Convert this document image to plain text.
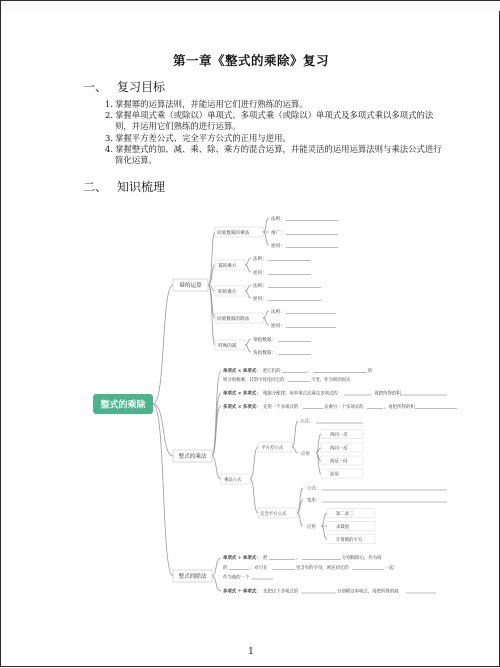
第一章《整式的乘除》复习
一、 复习目标
1. 掌握幂的运算法则，并能运用它们进行熟练的运算。
2. 掌握单项式乘（或除以）单项式、多项式乘（或除以）单项式及多项式乘以多项式的法则，并运用它们熟练的进行运算。
3. 掌握平方差公式、完全平方公式的正用与逆用。
4. 掌握整式的加、减、乘、除、乘方的混合运算，并能灵活的运用运算法则与乘法公式进行简化运算。
二、 知识梳理
整式的乘除
幂的运算
整式的乘法
整式的除法
同底数幂的乘法
法则：
推广：
逆用：
幂的乘方
法则：
逆用：
积的乘方
法则：
逆用：
同底数幂的除法
法则：
逆用：
特殊的幂
零指数幂：
负指数幂：
单项式 × 单项式： 把它们的	、	的
积分别相乘，其余字母连同它的	不变，作为积的因式
单项式 × 多项式： 根据分配律，用单项式去乘以多项式的	，再把所得的积
多项式 × 多项式： 先用一个多项式的	去乘另一个多项式的	，再把所得的积
乘法公式
平方差公式
公式：
应用
两同一反
两同一反
两反一同
逆用
完全平方公式
公式：
变形：
应用
知二求三
求最值
计算数的平方
单项式 ÷ 单项式： 把	、	分别相除后，作为商
的	；对只在	里含有的字母，则连同它的	一起
作为商的一个
多项式 ÷ 单项式： 先把这个多项式的	分别除以单项式，再把所得的商
1
